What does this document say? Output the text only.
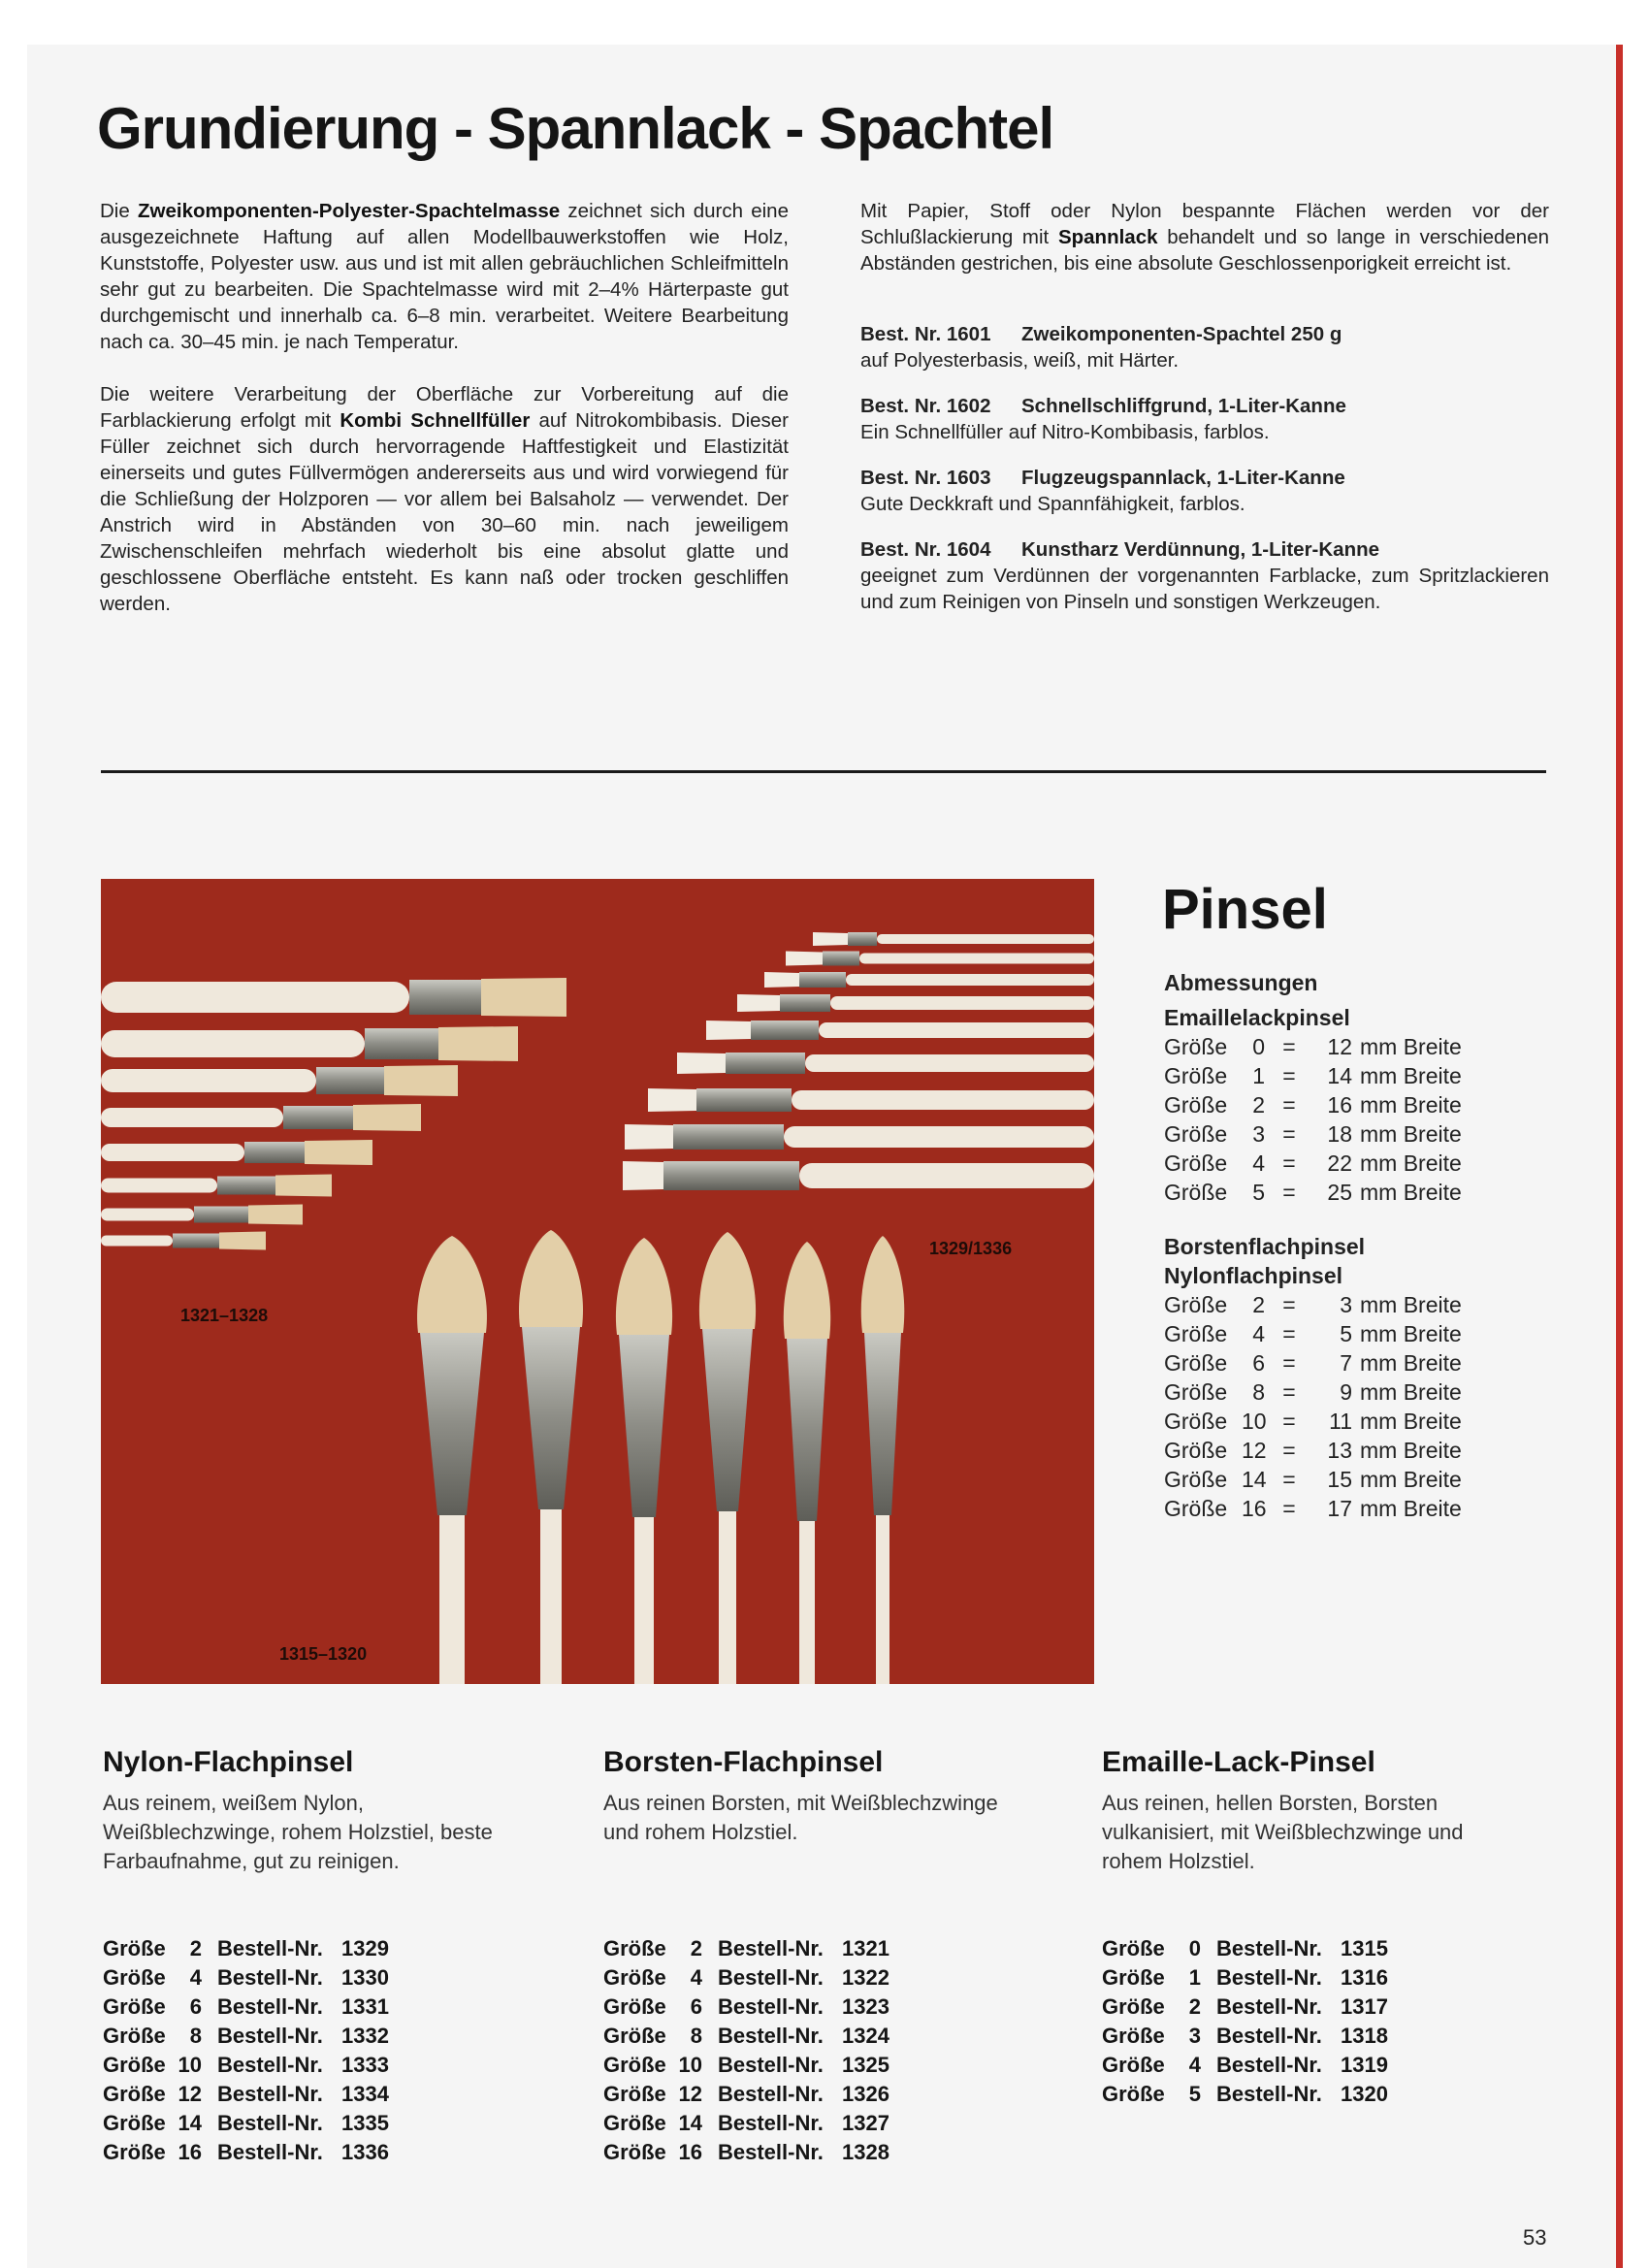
Grundierung - Spannlack - Spachtel

Die Zweikomponenten-Polyester-Spachtelmasse zeichnet sich durch eine ausgezeichnete Haftung auf allen Modellbauwerkstoffen wie Holz, Kunststoffe, Polyester usw. aus und ist mit allen gebräuchlichen Schleifmitteln sehr gut zu bearbeiten. Die Spachtelmasse wird mit 2–4% Härterpaste gut durchgemischt und innerhalb ca. 6–8 min. verarbeitet. Weitere Bearbeitung nach ca. 30–45 min. je nach Temperatur.

Die weitere Verarbeitung der Oberfläche zur Vorbereitung auf die Farblackierung erfolgt mit Kombi Schnellfüller auf Nitrokombibasis. Dieser Füller zeichnet sich durch hervorragende Haftfestigkeit und Elastizität einerseits und gutes Füllvermögen andererseits aus und wird vorwiegend für die Schließung der Holzporen — vor allem bei Balsaholz — verwendet. Der Anstrich wird in Abständen von 30–60 min. nach jeweiligem Zwischenschleifen mehrfach wiederholt bis eine absolut glatte und geschlossene Oberfläche entsteht. Es kann naß oder trocken geschliffen werden.

Mit Papier, Stoff oder Nylon bespannte Flächen werden vor der Schlußlackierung mit Spannlack behandelt und so lange in verschiedenen Abständen gestrichen, bis eine absolute Geschlossenporigkeit erreicht ist.

Best. Nr. 1601 Zweikomponenten-Spachtel 250 g
auf Polyesterbasis, weiß, mit Härter.
Best. Nr. 1602 Schnellschliffgrund, 1-Liter-Kanne
Ein Schnellfüller auf Nitro-Kombibasis, farblos.
Best. Nr. 1603 Flugzeugspannlack, 1-Liter-Kanne
Gute Deckkraft und Spannfähigkeit, farblos.
Best. Nr. 1604 Kunstharz Verdünnung, 1-Liter-Kanne
geeignet zum Verdünnen der vorgenannten Farblacke, zum Spritzlackieren und zum Reinigen von Pinseln und sonstigen Werkzeugen.
1321–1328
1329/1336
1315–1320
Pinsel
Abmessungen
Emaillelackpinsel
Größe 0 = 12 mm Breite
Größe 1 = 14 mm Breite
Größe 2 = 16 mm Breite
Größe 3 = 18 mm Breite
Größe 4 = 22 mm Breite
Größe 5 = 25 mm Breite
Borstenflachpinsel
Nylonflachpinsel
Größe 2 = 3 mm Breite
Größe 4 = 5 mm Breite
Größe 6 = 7 mm Breite
Größe 8 = 9 mm Breite
Größe 10 = 11 mm Breite
Größe 12 = 13 mm Breite
Größe 14 = 15 mm Breite
Größe 16 = 17 mm Breite
Nylon-Flachpinsel
Aus reinem, weißem Nylon, Weißblechzwinge, rohem Holzstiel, beste Farbaufnahme, gut zu reinigen.
Größe 2 Bestell-Nr. 1329
Größe 4 Bestell-Nr. 1330
Größe 6 Bestell-Nr. 1331
Größe 8 Bestell-Nr. 1332
Größe 10 Bestell-Nr. 1333
Größe 12 Bestell-Nr. 1334
Größe 14 Bestell-Nr. 1335
Größe 16 Bestell-Nr. 1336
Borsten-Flachpinsel
Aus reinen Borsten, mit Weißblechzwinge und rohem Holzstiel.
Größe 2 Bestell-Nr. 1321
Größe 4 Bestell-Nr. 1322
Größe 6 Bestell-Nr. 1323
Größe 8 Bestell-Nr. 1324
Größe 10 Bestell-Nr. 1325
Größe 12 Bestell-Nr. 1326
Größe 14 Bestell-Nr. 1327
Größe 16 Bestell-Nr. 1328
Emaille-Lack-Pinsel
Aus reinen, hellen Borsten, Borsten vulkanisiert, mit Weißblechzwinge und rohem Holzstiel.
Größe 0 Bestell-Nr. 1315
Größe 1 Bestell-Nr. 1316
Größe 2 Bestell-Nr. 1317
Größe 3 Bestell-Nr. 1318
Größe 4 Bestell-Nr. 1319
Größe 5 Bestell-Nr. 1320
53
